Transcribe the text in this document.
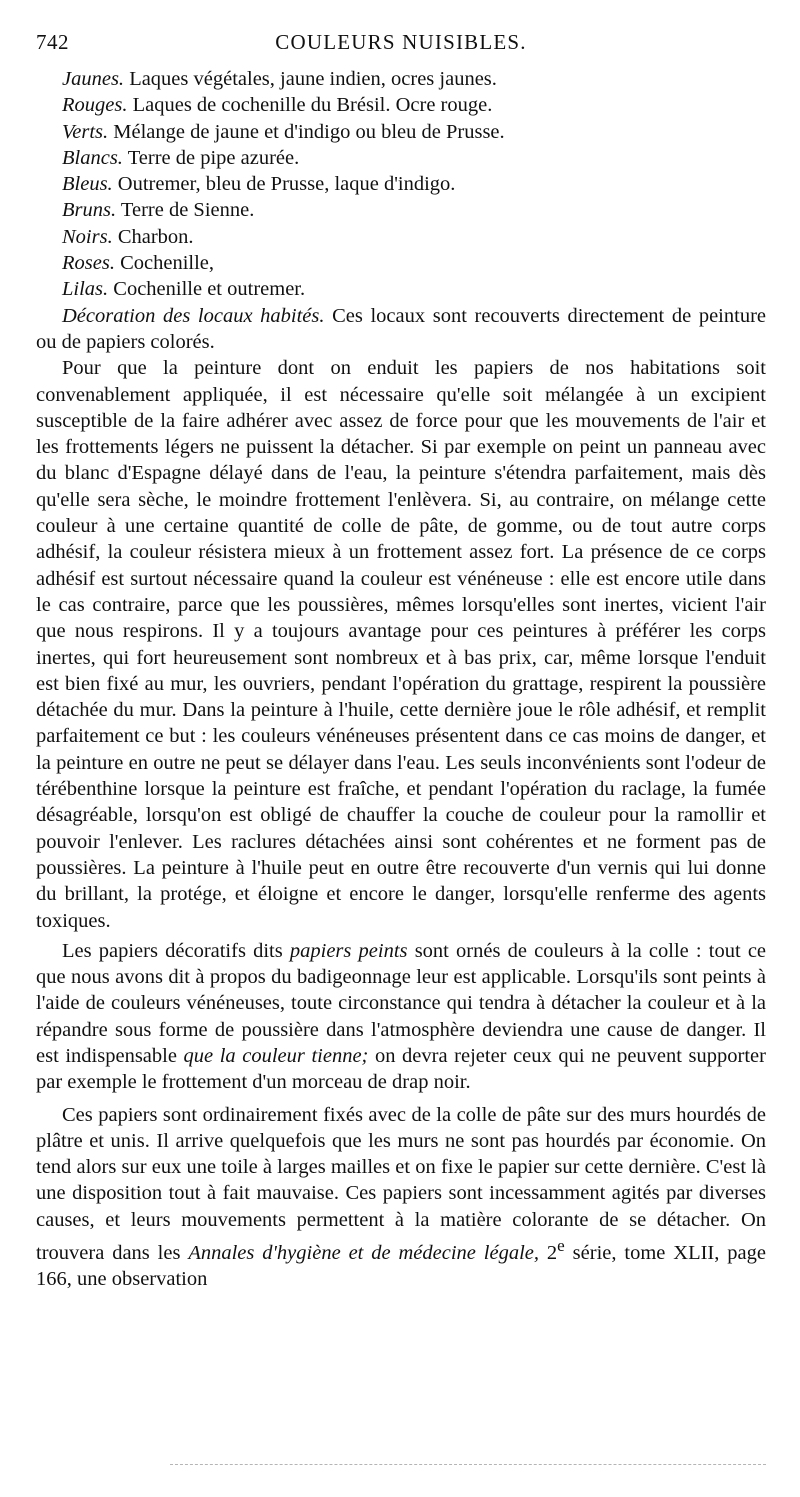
742	COULEURS NUISIBLES.
Jaunes. Laques végétales, jaune indien, ocres jaunes.
Rouges. Laques de cochenille du Brésil. Ocre rouge.
Verts. Mélange de jaune et d'indigo ou bleu de Prusse.
Blancs. Terre de pipe azurée.
Bleus. Outremer, bleu de Prusse, laque d'indigo.
Bruns. Terre de Sienne.
Noirs. Charbon.
Roses. Cochenille,
Lilas. Cochenille et outremer.

Décoration des locaux habités. Ces locaux sont recouverts directement de peinture ou de papiers colorés.

Pour que la peinture dont on enduit les papiers de nos habitations soit convenablement appliquée, il est nécessaire qu'elle soit mélangée à un excipient susceptible de la faire adhérer avec assez de force pour que les mouvements de l'air et les frottements légers ne puissent la détacher. Si par exemple on peint un panneau avec du blanc d'Espagne délayé dans de l'eau, la peinture s'étendra parfaitement, mais dès qu'elle sera sèche, le moindre frottement l'enlèvera. Si, au contraire, on mélange cette couleur à une certaine quantité de colle de pâte, de gomme, ou de tout autre corps adhésif, la couleur résistera mieux à un frottement assez fort. La présence de ce corps adhésif est surtout nécessaire quand la couleur est vénéneuse : elle est encore utile dans le cas contraire, parce que les poussières, mêmes lorsqu'elles sont inertes, vicient l'air que nous respirons. Il y a toujours avantage pour ces peintures à préférer les corps inertes, qui fort heureusement sont nombreux et à bas prix, car, même lorsque l'enduit est bien fixé au mur, les ouvriers, pendant l'opération du grattage, respirent la poussière détachée du mur. Dans la peinture à l'huile, cette dernière joue le rôle adhésif, et remplit parfaitement ce but : les couleurs vénéneuses présentent dans ce cas moins de danger, et la peinture en outre ne peut se délayer dans l'eau. Les seuls inconvénients sont l'odeur de térébenthine lorsque la peinture est fraîche, et pendant l'opération du raclage, la fumée désagréable, lorsqu'on est obligé de chauffer la couche de couleur pour la ramollir et pouvoir l'enlever. Les raclures détachées ainsi sont cohérentes et ne forment pas de poussières. La peinture à l'huile peut en outre être recouverte d'un vernis qui lui donne du brillant, la protége, et éloigne et encore le danger, lorsqu'elle renferme des agents toxiques.

Les papiers décoratifs dits papiers peints sont ornés de couleurs à la colle : tout ce que nous avons dit à propos du badigeonnage leur est applicable. Lorsqu'ils sont peints à l'aide de couleurs vénéneuses, toute circonstance qui tendra à détacher la couleur et à la répandre sous forme de poussière dans l'atmosphère deviendra une cause de danger. Il est indispensable que la couleur tienne; on devra rejeter ceux qui ne peuvent supporter par exemple le frottement d'un morceau de drap noir.

Ces papiers sont ordinairement fixés avec de la colle de pâte sur des murs hourdés de plâtre et unis. Il arrive quelquefois que les murs ne sont pas hourdés par économie. On tend alors sur eux une toile à larges mailles et on fixe le papier sur cette dernière. C'est là une disposition tout à fait mauvaise. Ces papiers sont incessamment agités par diverses causes, et leurs mouvements permettent à la matière colorante de se détacher. On trouvera dans les Annales d'hygiène et de médecine légale, 2e série, tome XLII, page 166, une observation
